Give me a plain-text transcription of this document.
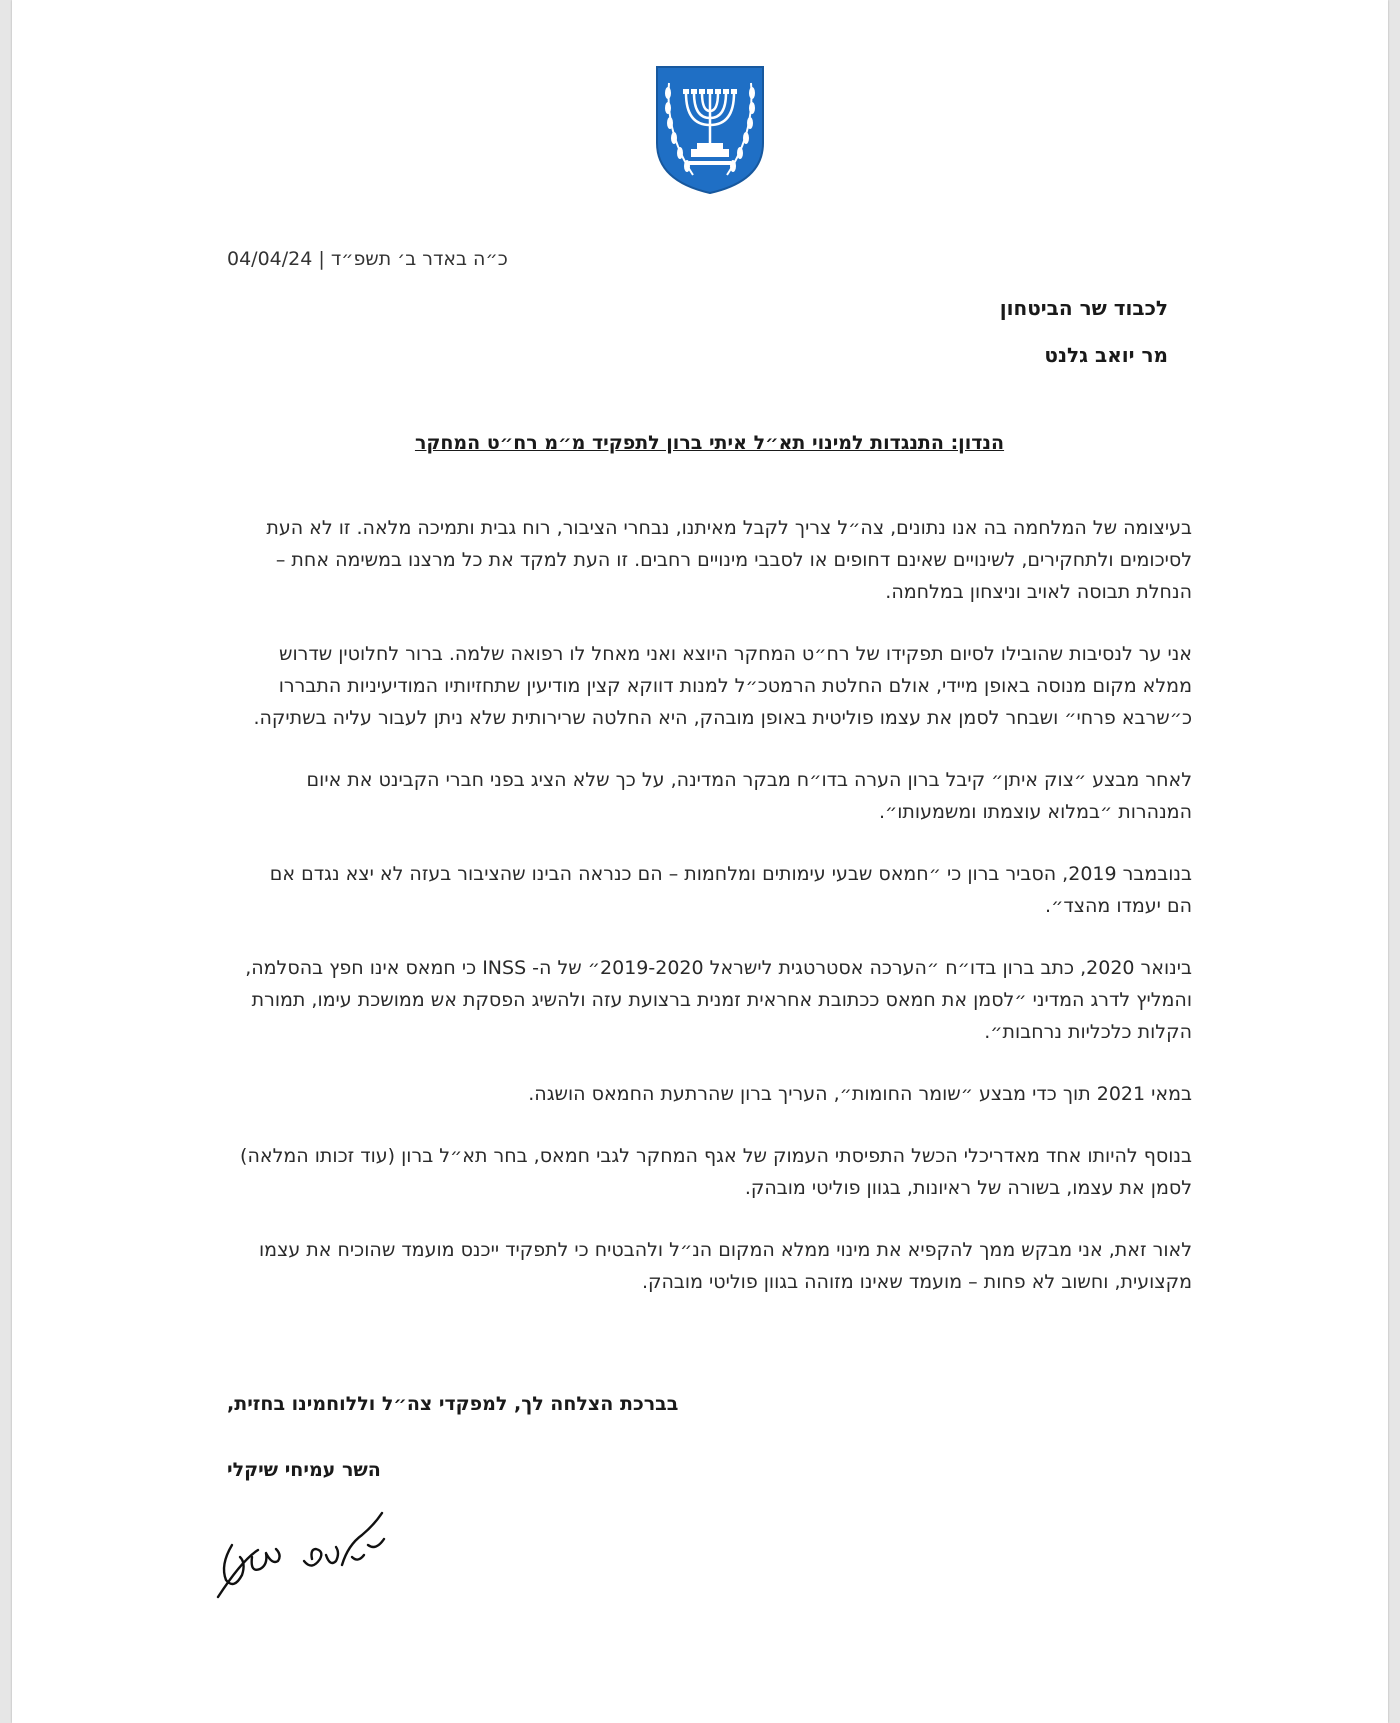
כ״ה באדר ב׳ תשפ״ד | 04/04/24
לכבוד שר הביטחון
מר יואב גלנט
הנדון: התנגדות למינוי תא״ל איתי ברון לתפקיד מ״מ רח״ט המחקר

בעיצומה של המלחמה בה אנו נתונים, צה״ל צריך לקבל מאיתנו, נבחרי הציבור, רוח גבית ותמיכה מלאה. זו לא העת לסיכומים ולתחקירים, לשינויים שאינם דחופים או לסבבי מינויים רחבים. זו העת למקד את כל מרצנו במשימה אחת – הנחלת תבוסה לאויב וניצחון במלחמה.

אני ער לנסיבות שהובילו לסיום תפקידו של רח״ט המחקר היוצא ואני מאחל לו רפואה שלמה. ברור לחלוטין שדרוש ממלא מקום מנוסה באופן מיידי, אולם החלטת הרמטכ״ל למנות דווקא קצין מודיעין שתחזיותיו המודיעיניות התבררו כ״שרבא פרחי״ ושבחר לסמן את עצמו פוליטית באופן מובהק, היא החלטה שרירותית שלא ניתן לעבור עליה בשתיקה.

לאחר מבצע ״צוק איתן״ קיבל ברון הערה בדו״ח מבקר המדינה, על כך שלא הציג בפני חברי הקבינט את איום המנהרות ״במלוא עוצמתו ומשמעותו״.

בנובמבר 2019, הסביר ברון כי ״חמאס שבעי עימותים ומלחמות – הם כנראה הבינו שהציבור בעזה לא יצא נגדם אם הם יעמדו מהצד״.

בינואר 2020, כתב ברון בדו״ח ״הערכה אסטרטגית לישראל 2019-2020״ של ה- INSS כי חמאס אינו חפץ בהסלמה, והמליץ לדרג המדיני ״לסמן את חמאס ככתובת אחראית זמנית ברצועת עזה ולהשיג הפסקת אש ממושכת עימו, תמורת הקלות כלכליות נרחבות״.

במאי 2021 תוך כדי מבצע ״שומר החומות״, העריך ברון שהרתעת החמאס הושגה.

בנוסף להיותו אחד מאדריכלי הכשל התפיסתי העמוק של אגף המחקר לגבי חמאס, בחר תא״ל ברון (עוד זכותו המלאה) לסמן את עצמו, בשורה של ראיונות, בגוון פוליטי מובהק.

לאור זאת, אני מבקש ממך להקפיא את מינוי ממלא המקום הנ״ל ולהבטיח כי לתפקיד ייכנס מועמד שהוכיח את עצמו מקצועית, וחשוב לא פחות – מועמד שאינו מזוהה בגוון פוליטי מובהק.

בברכת הצלחה לך, למפקדי צה״ל וללוחמינו בחזית,
השר עמיחי שיקלי
